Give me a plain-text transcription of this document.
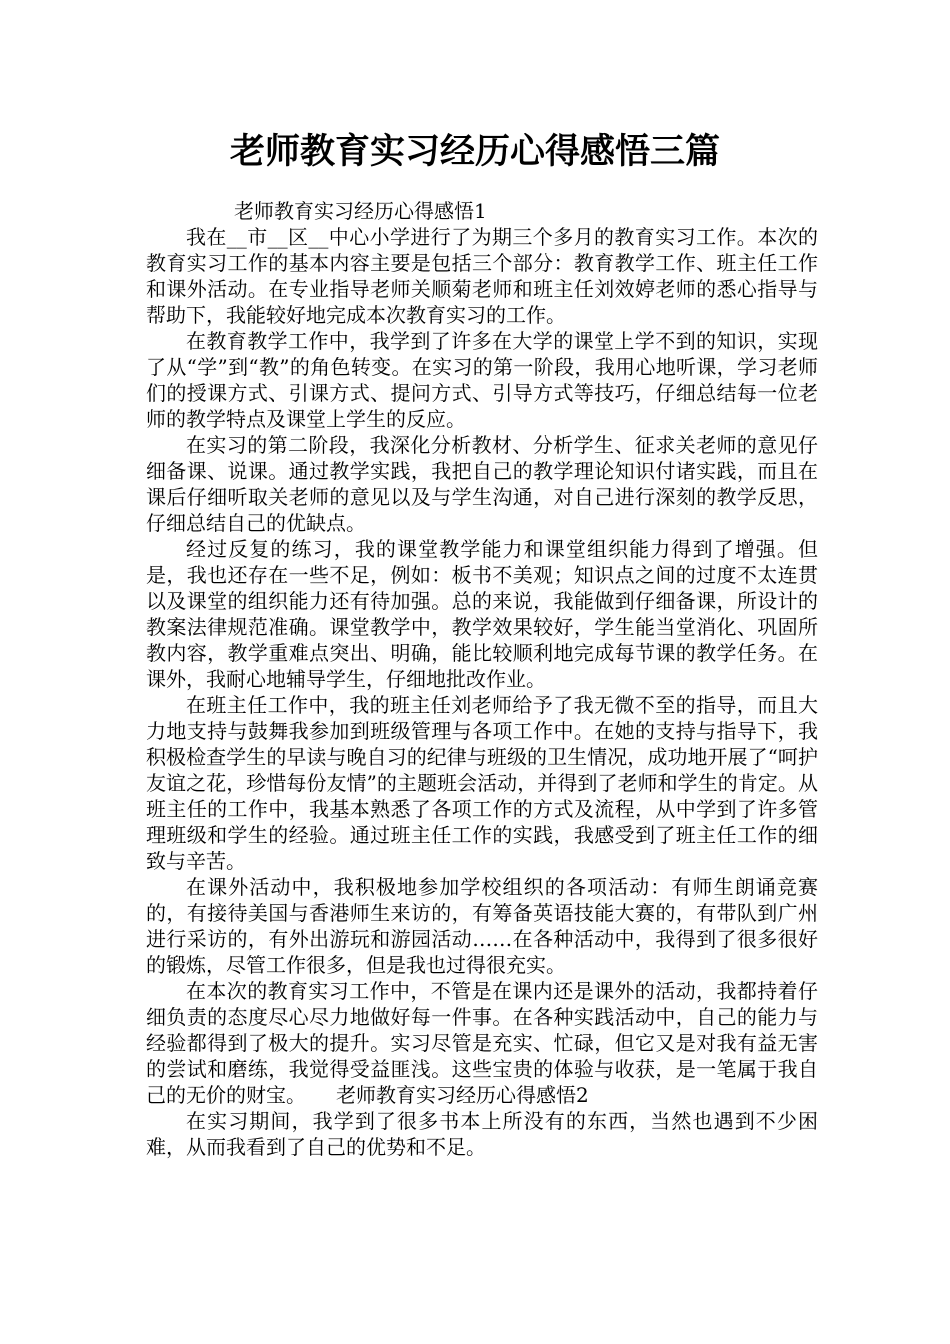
老师教育实习经历心得感悟三篇

老师教育实习经历心得感悟1

我在__市__区__中心小学进行了为期三个多月的教育实习工作。本次的教育实习工作的基本内容主要是包括三个部分：教育教学工作、班主任工作和课外活动。在专业指导老师关顺菊老师和班主任刘效婷老师的悉心指导与帮助下，我能较好地完成本次教育实习的工作。

在教育教学工作中，我学到了许多在大学的课堂上学不到的知识，实现了从“学”到“教”的角色转变。在实习的第一阶段，我用心地听课，学习老师们的授课方式、引课方式、提问方式、引导方式等技巧，仔细总结每一位老师的教学特点及课堂上学生的反应。

在实习的第二阶段，我深化分析教材、分析学生、征求关老师的意见仔细备课、说课。通过教学实践，我把自己的教学理论知识付诸实践，而且在课后仔细听取关老师的意见以及与学生沟通，对自己进行深刻的教学反思，仔细总结自己的优缺点。

经过反复的练习，我的课堂教学能力和课堂组织能力得到了增强。但是，我也还存在一些不足，例如：板书不美观；知识点之间的过度不太连贯以及课堂的组织能力还有待加强。总的来说，我能做到仔细备课，所设计的教案法律规范准确。课堂教学中，教学效果较好，学生能当堂消化、巩固所教内容，教学重难点突出、明确，能比较顺利地完成每节课的教学任务。在课外，我耐心地辅导学生，仔细地批改作业。

在班主任工作中，我的班主任刘老师给予了我无微不至的指导，而且大力地支持与鼓舞我参加到班级管理与各项工作中。在她的支持与指导下，我积极检查学生的早读与晚自习的纪律与班级的卫生情况，成功地开展了“呵护友谊之花，珍惜每份友情”的主题班会活动，并得到了老师和学生的肯定。从班主任的工作中，我基本熟悉了各项工作的方式及流程，从中学到了许多管理班级和学生的经验。通过班主任工作的实践，我感受到了班主任工作的细致与辛苦。

在课外活动中，我积极地参加学校组织的各项活动：有师生朗诵竞赛的，有接待美国与香港师生来访的，有筹备英语技能大赛的，有带队到广州进行采访的，有外出游玩和游园活动……在各种活动中，我得到了很多很好的锻炼，尽管工作很多，但是我也过得很充实。

在本次的教育实习工作中，不管是在课内还是课外的活动，我都持着仔细负责的态度尽心尽力地做好每一件事。在各种实践活动中，自己的能力与经验都得到了极大的提升。实习尽管是充实、忙碌，但它又是对我有益无害的尝试和磨练，我觉得受益匪浅。这些宝贵的体验与收获，是一笔属于我自己的无价的财宝。　　老师教育实习经历心得感悟2

在实习期间，我学到了很多书本上所没有的东西，当然也遇到不少困难，从而我看到了自己的优势和不足。
